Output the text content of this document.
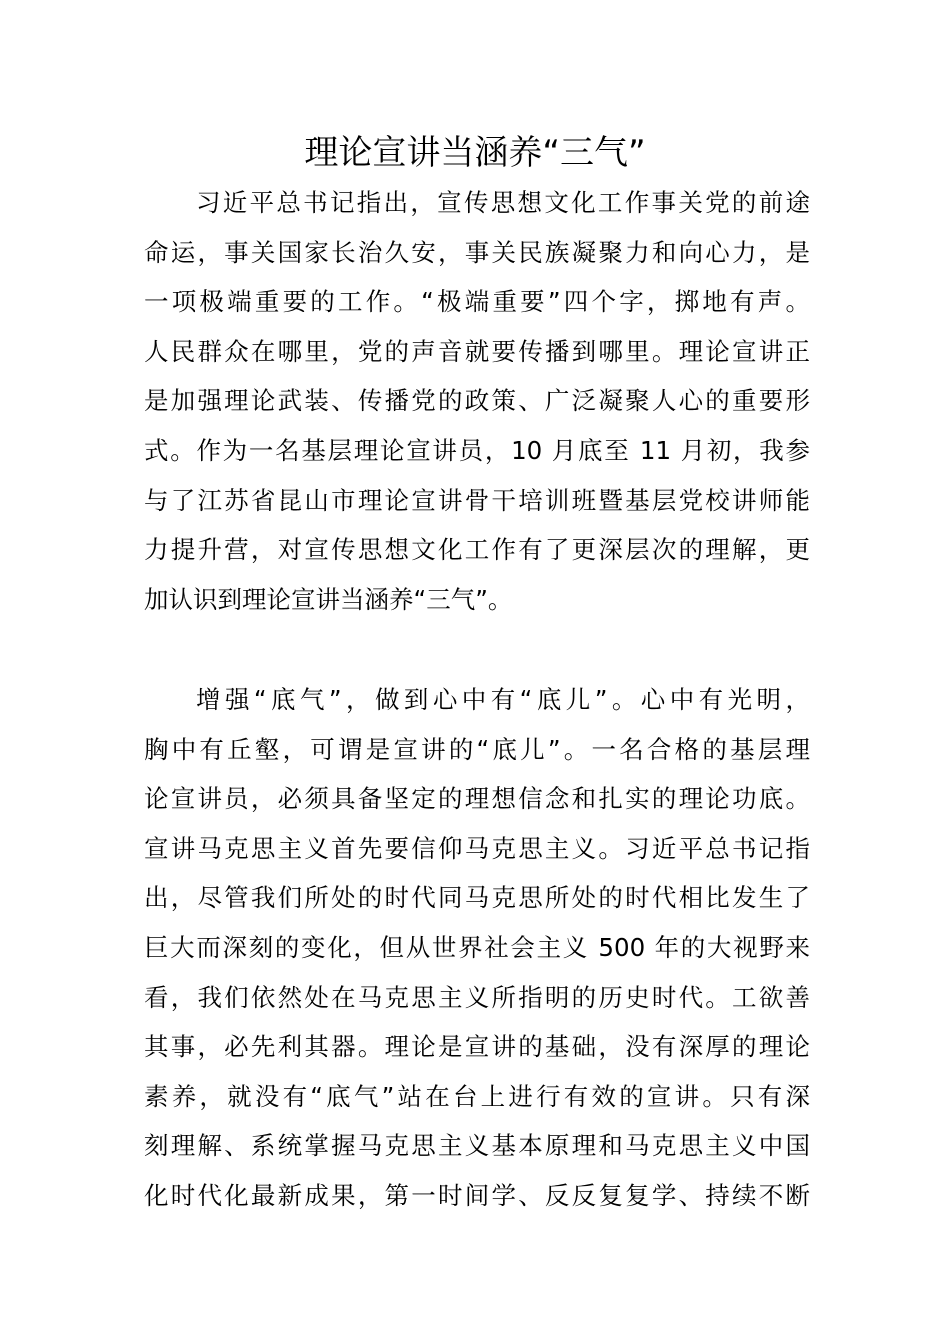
理论宣讲当涵养“三气”
习近平总书记指出，宣传思想文化工作事关党的前途
命运，事关国家长治久安，事关民族凝聚力和向心力，是
一项极端重要的工作。“极端重要”四个字，掷地有声。
人民群众在哪里，党的声音就要传播到哪里。理论宣讲正
是加强理论武装、传播党的政策、广泛凝聚人心的重要形
式。作为一名基层理论宣讲员，10 月底至 11 月初，我参
与了江苏省昆山市理论宣讲骨干培训班暨基层党校讲师能
力提升营，对宣传思想文化工作有了更深层次的理解，更
加认识到理论宣讲当涵养“三气”。
增强“底气”，做到心中有“底儿”。心中有光明，
胸中有丘壑，可谓是宣讲的“底儿”。一名合格的基层理
论宣讲员，必须具备坚定的理想信念和扎实的理论功底。
宣讲马克思主义首先要信仰马克思主义。习近平总书记指
出，尽管我们所处的时代同马克思所处的时代相比发生了
巨大而深刻的变化，但从世界社会主义 500 年的大视野来
看，我们依然处在马克思主义所指明的历史时代。工欲善
其事，必先利其器。理论是宣讲的基础，没有深厚的理论
素养，就没有“底气”站在台上进行有效的宣讲。只有深
刻理解、系统掌握马克思主义基本原理和马克思主义中国
化时代化最新成果，第一时间学、反反复复学、持续不断
